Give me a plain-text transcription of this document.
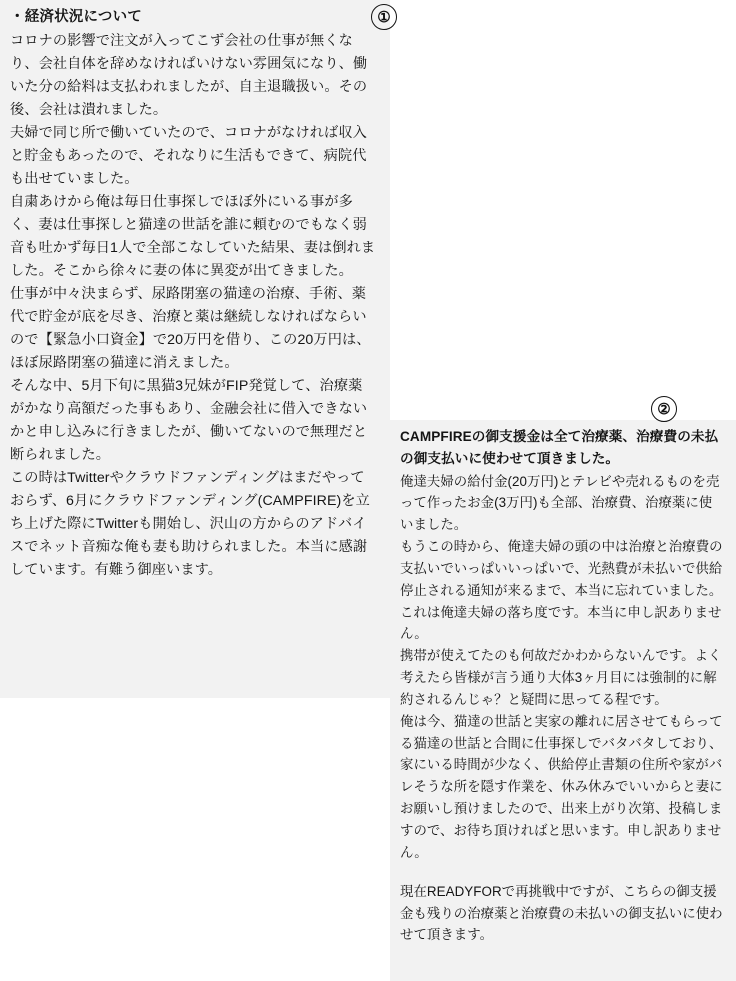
・経済状況について

コロナの影響で注文が入ってこず会社の仕事が無くなり、会社自体を辞めなけれぱいけない雰囲気になり、働いた分の給料は支払われましたが、自主退職扱い。その後、会社は潰れました。

夫婦で同じ所で働いていたので、コロナがなければ収入と貯金もあったので、それなりに生活もできて、病院代も出せていました。

自粛あけから俺は毎日仕事探しでほぼ外にいる事が多く、妻は仕事探しと猫達の世話を誰に頼むのでもなく弱音も吐かず毎日1人で全部こなしていた結果、妻は倒れました。そこから徐々に妻の体に異変が出てきました。

仕事が中々決まらず、尿路閉塞の猫達の治療、手術、薬代で貯金が底を尽き、治療と薬は継続しなければならいので【緊急小口資金】で20万円を借り、この20万円は、ほぼ尿路閉塞の猫達に消えました。

そんな中、5月下旬に黒猫3兄妹がFIP発覚して、治療薬がかなり高額だった事もあり、金融会社に借入できないかと申し込みに行きましたが、働いてないので無理だと断られました。

この時はTwitterやクラウドファンディングはまだやっておらず、6月にクラウドファンディング(CAMPFIRE)を立ち上げた際にTwitterも開始し、沢山の方からのアドバイスでネット音痴な俺も妻も助けられました。本当に感謝しています。有難う御座います。

CAMPFIREの御支援金は全て治療薬、治療費の未払の御支払いに使わせて頂きました。

俺達夫婦の給付金(20万円)とテレビや売れるものを売って作ったお金(3万円)も全部、治療費、治療薬に使いました。

もうこの時から、俺達夫婦の頭の中は治療と治療費の支払いでいっぱいいっぱいで、光熱費が未払いで供給停止される通知が来るまで、本当に忘れていました。これは俺達夫婦の落ち度です。本当に申し訳ありません。

携帯が使えてたのも何故だかわからないんです。よく考えたら皆様が言う通り大体3ヶ月目には強制的に解約されるんじゃ？と疑問に思ってる程です。

俺は今、猫達の世話と実家の離れに居させてもらってる猫達の世話と合間に仕事探しでバタバタしており、家にいる時間が少なく、供給停止書類の住所や家がバレそうな所を隠す作業を、休み休みでいいからと妻にお願いし預けましたので、出来上がり次第、投稿しますので、お待ち頂ければと思います。申し訳ありません。

現在READYFORで再挑戦中ですが、こちらの御支援金も残りの治療薬と治療費の未払いの御支払いに使わせて頂きます。

①
②
